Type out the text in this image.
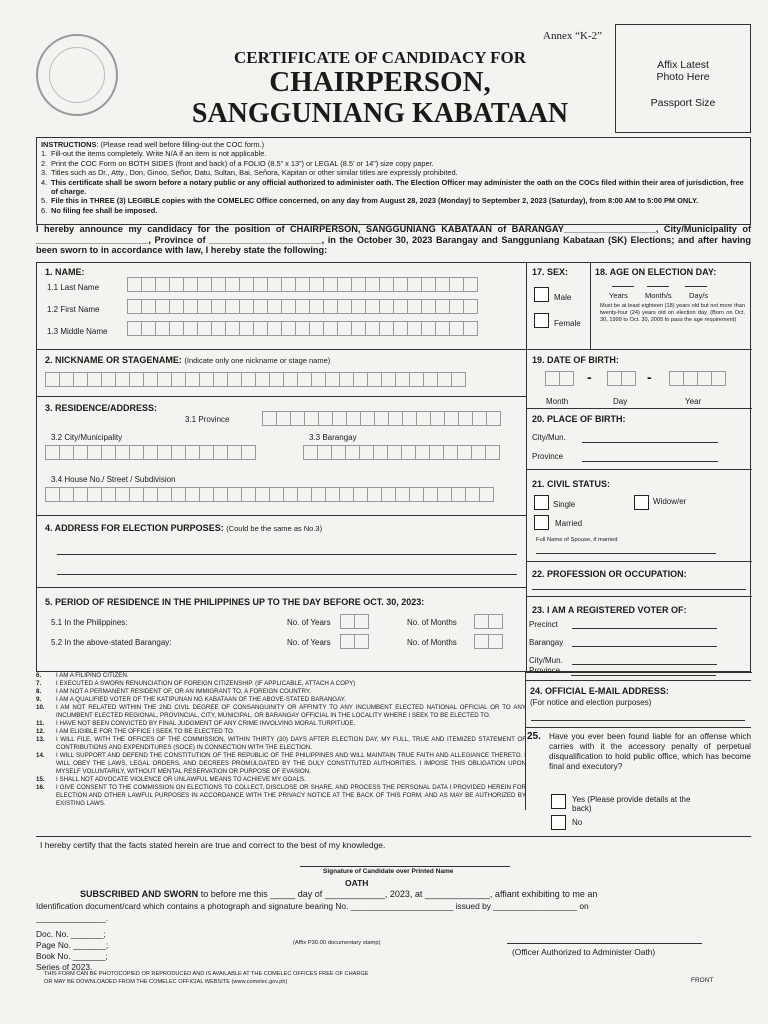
Annex “K-2”
CERTIFICATE OF CANDIDACY FOR
CHAIRPERSON,
SANGGUNIANG KABATAAN
Affix Latest
Photo Here
Passport Size
INSTRUCTIONS: (Please read well before filling-out the COC form.)
1. Fill-out the items completely. Write N/A if an item is not applicable.
2. Print the COC Form on BOTH SIDES (front and back) of a FOLIO (8.5” x 13”) or LEGAL (8.5’ or 14”) size copy paper.
3. Titles such as Dr., Atty., Don, Ginoo, Señor, Datu, Sultan, Bai, Señora, Kapitan or other similar titles are expressly prohibited.
4. This certificate shall be sworn before a notary public or any official authorized to administer oath. The Election Officer may administer the oath on the COCs filed within their area of jurisdiction, free of charge.
5. File this in THREE (3) LEGIBLE copies with the COMELEC Office concerned, on any day from August 28, 2023 (Monday) to September 2, 2023 (Saturday), from 8:00 AM to 5:00 PM ONLY.
6. No filing fee shall be imposed.
I hereby announce my candidacy for the position of CHAIRPERSON, SANGGUNIANG KABATAAN of BARANGAY__________________, City/Municipality of ______________________, Province of ______________________, in the October 30, 2023 Barangay and Sangguniang Kabataan (SK) Elections; and after having been sworn to in accordance with law, I hereby state the following:
1. NAME:
1.1 Last Name
1.2 First Name
1.3 Middle Name
2. NICKNAME OR STAGENAME: (Indicate only one nickname or stage name)
3. RESIDENCE/ADDRESS:
3.1 Province
3.2 City/Municipality	3.3 Barangay
3.4 House No./ Street / Subdivision
4. ADDRESS FOR ELECTION PURPOSES: (Could be the same as No.3)
5. PERIOD OF RESIDENCE IN THE PHILIPPINES UP TO THE DAY BEFORE OCT. 30, 2023:
5.1 In the Philippines:	No. of Years	No. of Months
5.2 In the above-stated Barangay:	No. of Years	No. of Months
17. SEX:
Male
Female
18. AGE ON ELECTION DAY:
Years Month/s Day/s
Must be at least eighteen (18) years old but not more than twenty-four (24) years old on election day. (Born on Oct. 30, 1999 to Oct. 30, 2005 to pass the age requirement)
19. DATE OF BIRTH:
-	-
Month	Day	Year
20. PLACE OF BIRTH:
City/Mun.
Province
21. CIVIL STATUS:
Single	Widow/er
Married
Full Name of Spouse, if married
22. PROFESSION OR OCCUPATION:
23. I AM A REGISTERED VOTER OF:
Precinct
Barangay
City/Mun.
Province
24. OFFICIAL E-MAIL ADDRESS:
(For notice and election purposes)
25. Have you ever been found liable for an offense which carries with it the accessory penalty of perpetual disqualification to hold public office, which has become final and executory?
Yes (Please provide details at the back)
No
6.	I AM A FILIPINO CITIZEN.
7.	I EXECUTED A SWORN RENUNCIATION OF FOREIGN CITIZENSHIP. (IF APPLICABLE, ATTACH A COPY)
8.	I AM NOT A PERMANENT RESIDENT OF, OR AN IMMIGRANT TO, A FOREIGN COUNTRY.
9.	I AM A QUALIFIED VOTER OF THE KATIPUNAN NG KABATAAN OF THE ABOVE-STATED BARANGAY.
10.	I AM NOT RELATED WITHIN THE 2ND CIVIL DEGREE OF CONSANGUINITY OR AFFINITY TO ANY INCUMBENT ELECTED NATIONAL OFFICIAL OR TO ANY INCUMBENT ELECTED REGIONAL, PROVINCIAL, CITY, MUNICIPAL, OR BARANGAY OFFICIAL IN THE LOCALITY WHERE I SEEK TO BE ELECTED TO.
11.	I HAVE NOT BEEN CONVICTED BY FINAL JUDGMENT OF ANY CRIME INVOLVING MORAL TURPITUDE.
12.	I AM ELIGIBLE FOR THE OFFICE I SEEK TO BE ELECTED TO.
13.	I WILL FILE, WITH THE OFFICES OF THE COMMISSION, WITHIN THIRTY (30) DAYS AFTER ELECTION DAY, MY FULL, TRUE AND ITEMIZED STATEMENT OF CONTRIBUTIONS AND EXPENDITURES (SOCE) IN CONNECTION WITH THE ELECTION.
14.	I WILL SUPPORT AND DEFEND THE CONSTITUTION OF THE REPUBLIC OF THE PHILIPPINES AND WILL MAINTAIN TRUE FAITH AND ALLEGIANCE THERETO. I WILL OBEY THE LAWS, LEGAL ORDERS, AND DECREES PROMULGATED BY THE DULY CONSTITUTED AUTHORITIES. I IMPOSE THIS OBLIGATION UPON MYSELF VOLUNTARILY, WITHOUT MENTAL RESERVATION OR PURPOSE OF EVASION.
15.	I SHALL NOT ADVOCATE VIOLENCE OR UNLAWFUL MEANS TO ACHIEVE MY GOALS.
16.	I GIVE CONSENT TO THE COMMISSION ON ELECTIONS TO COLLECT, DISCLOSE OR SHARE, AND PROCESS THE PERSONAL DATA I PROVIDED HEREIN FOR ELECTION AND OTHER LAWFUL PURPOSES IN ACCORDANCE WITH THE PRIVACY NOTICE AT THE BACK OF THIS FORM, AND AS MAY BE AUTHORIZED BY EXISTING LAWS.
I hereby certify that the facts stated herein are true and correct to the best of my knowledge.
Signature of Candidate over Printed Name
OATH
SUBSCRIBED AND SWORN to before me this _____ day of ____________, 2023, at _____________, affiant exhibiting to me an
Identification document/card which contains a photograph and signature bearing No. ______________________ issued by __________________ on
_______________.
Doc. No. _______;
Page No. _______;
Book No. _______;
Series of 2023.
(Affix P30.00 documentary stamp)
(Officer Authorized to Administer Oath)
THIS FORM CAN BE PHOTOCOPIED OR REPRODUCED AND IS AVAILABLE AT THE COMELEC OFFICES FREE OF CHARGE
OR MAY BE DOWNLOADED FROM THE COMELEC OFFICIAL WEBSITE (www.comelec.gov.ph)	FRONT
